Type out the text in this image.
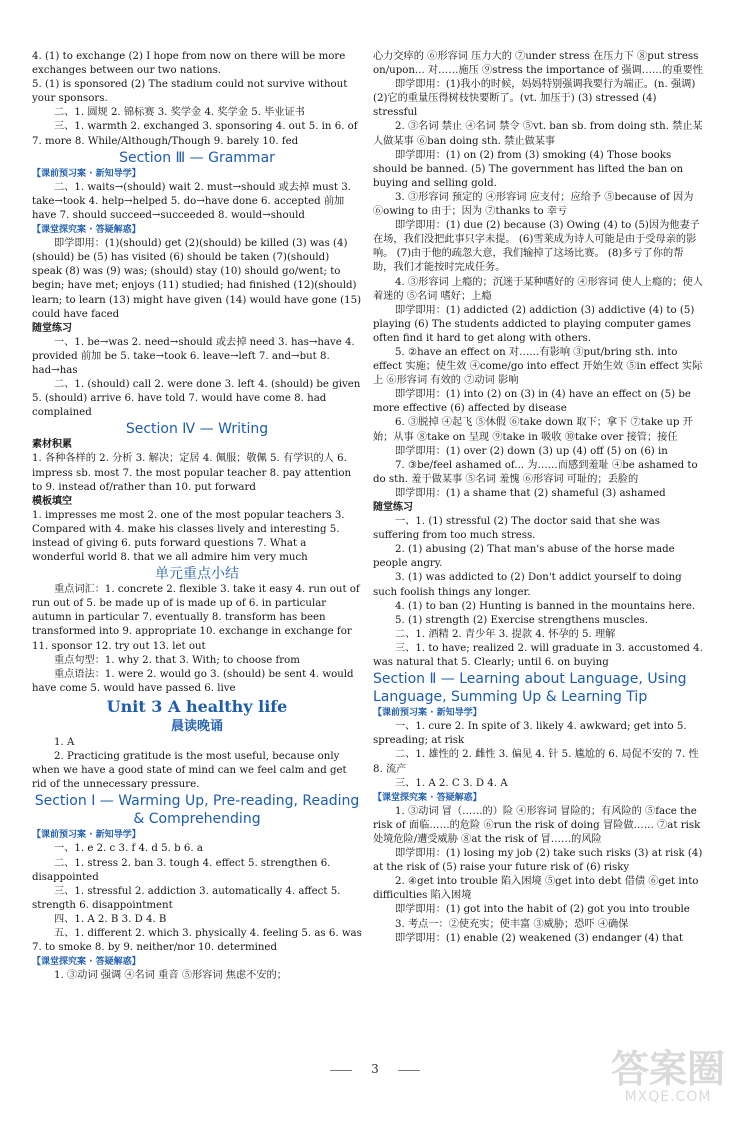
4. (1) to exchange (2) I hope from now on there will be more exchanges between our two nations.

5. (1) is sponsored (2) The stadium could not survive without your sponsors.

二、1. 圆规 2. 锦标赛 3. 奖学金 4. 奖学金 5. 毕业证书

三、1. warmth 2. exchanged 3. sponsoring 4. out 5. in 6. of 7. more 8. While/Although/Though 9. barely 10. fed

Section Ⅲ — Grammar

【课前预习案 · 新知导学】

二、1. waits→(should) wait 2. must→should 或去掉 must 3. take→took 4. help→helped 5. do→have done 6. accepted 前加 have 7. should succeed→succeeded 8. would→should

【课堂探究案 · 答疑解惑】

即学即用：(1)(should) get (2)(should) be killed (3) was (4)(should) be (5) has visited (6) should be taken (7)(should) speak (8) was (9) was; (should) stay (10) should go/went; to begin; have met; enjoys (11) studied; had finished (12)(should) learn; to learn (13) might have given (14) would have gone (15) could have faced

随堂练习

一、1. be→was 2. need→should 或去掉 need 3. has→have 4. provided 前加 be 5. take→took 6. leave→left 7. and→but 8. had→has

二、1. (should) call 2. were done 3. left 4. (should) be given 5. (should) arrive 6. have told 7. would have come 8. had complained

Section Ⅳ — Writing

素材积累

1. 各种各样的 2. 分析 3. 解决；定居 4. 佩服；敬佩 5. 有学识的人 6. impress sb. most 7. the most popular teacher 8. pay attention to 9. instead of/rather than 10. put forward

模板填空

1. impresses me most 2. one of the most popular teachers 3. Compared with 4. make his classes lively and interesting 5. instead of giving 6. puts forward questions 7. What a wonderful world 8. that we all admire him very much

单元重点小结

重点词汇：1. concrete 2. flexible 3. take it easy 4. run out of run out of 5. be made up of is made up of 6. in particular autumn in particular 7. eventually 8. transform has been transformed into 9. appropriate 10. exchange in exchange for 11. sponsor 12. try out 13. let out

重点句型：1. why 2. that 3. With; to choose from

重点语法：1. were 2. would go 3. (should) be sent 4. would have come 5. would have passed 6. live

Unit 3 A healthy life

晨读晚诵

1. A

2. Practicing gratitude is the most useful, because only when we have a good state of mind can we feel calm and get rid of the unnecessary pressure.

Section Ⅰ — Warming Up, Pre-reading, Reading & Comprehending

【课前预习案 · 新知导学】

一、1. e 2. c 3. f 4. d 5. b 6. a

二、1. stress 2. ban 3. tough 4. effect 5. strengthen 6. disappointed

三、1. stressful 2. addiction 3. automatically 4. affect 5. strength 6. disappointment

四、1. A 2. B 3. D 4. B

五、1. different 2. which 3. physically 4. feeling 5. as 6. was 7. to smoke 8. by 9. neither/nor 10. determined

【课堂探究案 · 答疑解惑】

1. ③动词 强调 ④名词 重音 ⑤形容词 焦虑不安的；

心力交瘁的 ⑥形容词 压力大的 ⑦under stress 在压力下 ⑧put stress on/upon... 对……施压 ⑨stress the importance of 强调……的重要性

即学即用：(1)我小的时候，妈妈特别强调我要行为端正。(n. 强调) (2)它的重量压得树枝快要断了。(vt. 加压于) (3) stressed (4) stressful

2. ③名词 禁止 ④名词 禁令 ⑤vt. ban sb. from doing sth. 禁止某人做某事 ⑥ban doing sth. 禁止做某事

即学即用：(1) on (2) from (3) smoking (4) Those books should be banned. (5) The government has lifted the ban on buying and selling gold.

3. ③形容词 预定的 ④形容词 应支付；应给予 ⑤because of 因为 ⑥owing to 由于；因为 ⑦thanks to 幸亏

即学即用：(1) due (2) because (3) Owing (4) to (5)因为他妻子在场，我们没把此事只字未提。 (6)雪莱成为诗人可能是由于受母亲的影响。 (7)由于他的疏忽大意，我们输掉了这场比赛。 (8)多亏了你的帮助，我们才能按时完成任务。

4. ③形容词 上瘾的；沉迷于某种嗜好的 ④形容词 使人上瘾的；使人着迷的 ⑤名词 嗜好；上瘾

即学即用：(1) addicted (2) addiction (3) addictive (4) to (5) playing (6) The students addicted to playing computer games often find it hard to get along with others.

5. ②have an effect on 对……有影响 ③put/bring sth. into effect 实施；使生效 ④come/go into effect 开始生效 ⑤in effect 实际上 ⑥形容词 有效的 ⑦动词 影响

即学即用：(1) into (2) on (3) in (4) have an effect on (5) be more effective (6) affected by disease

6. ③脱掉 ④起飞 ⑤休假 ⑥take down 取下；拿下 ⑦take up 开始；从事 ⑧take on 呈现 ⑨take in 吸收 ⑩take over 接管；接任

即学即用：(1) over (2) down (3) up (4) off (5) on (6) in

7. ③be/feel ashamed of... 为……而感到羞耻 ④be ashamed to do sth. 羞于做某事 ⑤名词 羞愧 ⑥形容词 可耻的；丢脸的

即学即用：(1) a shame that (2) shameful (3) ashamed

随堂练习

一、1. (1) stressful (2) The doctor said that she was suffering from too much stress.

2. (1) abusing (2) That man's abuse of the horse made people angry.

3. (1) was addicted to (2) Don't addict yourself to doing such foolish things any longer.

4. (1) to ban (2) Hunting is banned in the mountains here.

5. (1) strength (2) Exercise strengthens muscles.

二、1. 酒精 2. 青少年 3. 提款 4. 怀孕的 5. 理解

三、1. to have; realized 2. will graduate in 3. accustomed 4. was natural that 5. Clearly; until 6. on buying

Section Ⅱ — Learning about Language, Using Language, Summing Up & Learning Tip

【课前预习案 · 新知导学】

一、1. cure 2. In spite of 3. likely 4. awkward; get into 5. spreading; at risk

二、1. 雄性的 2. 雌性 3. 偏见 4. 针 5. 尴尬的 6. 局促不安的 7. 性 8. 流产

三、1. A 2. C 3. D 4. A

【课堂探究案 · 答疑解惑】

1. ③动词 冒（……的）险 ④形容词 冒险的；有风险的 ⑤face the risk of 面临……的危险 ⑥run the risk of doing 冒险做…… ⑦at risk 处境危险/遭受威胁 ⑧at the risk of 冒……的风险

即学即用：(1) losing my job (2) take such risks (3) at risk (4) at the risk of (5) raise your future risk of (6) risky

2. ④get into trouble 陷入困境 ⑤get into debt 借债 ⑥get into difficulties 陷入困境

即学即用：(1) got into the habit of (2) got you into trouble

3. 考点一：②使充实；使丰富 ③威胁；恐吓 ④确保

即学即用：(1) enable (2) weakened (3) endanger (4) that

3	答案圈
MXQE.COM
